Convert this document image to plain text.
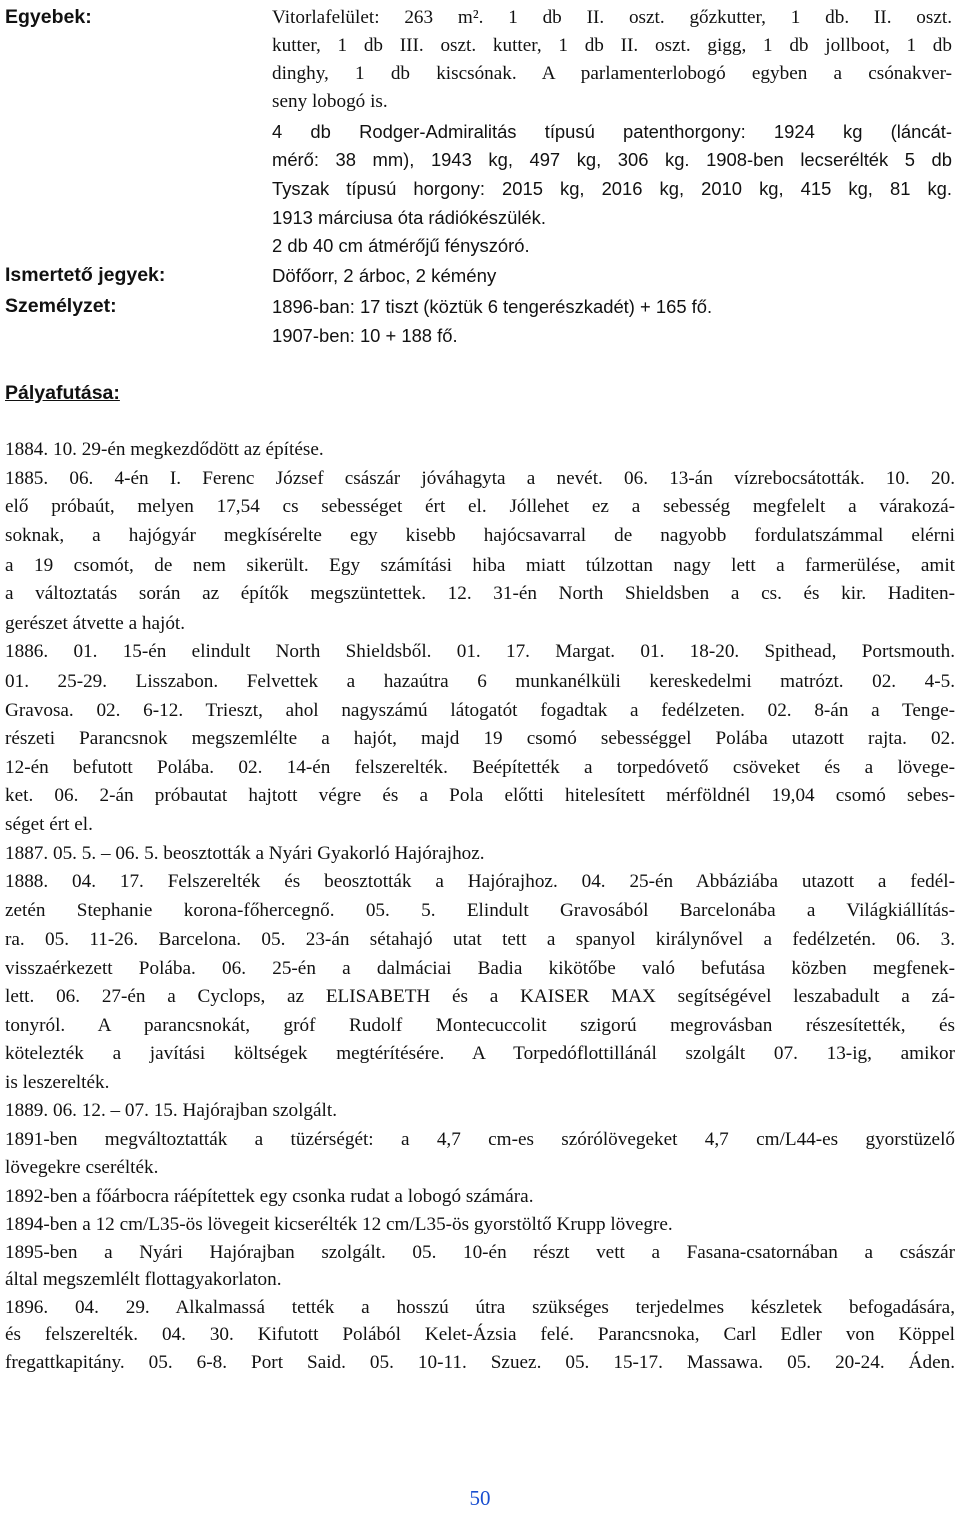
Egyebek:	Vitorlafelület: 263 m². 1 db II. oszt. gőzkutter, 1 db. II. oszt.
kutter, 1 db III. oszt. kutter, 1 db II. oszt. gigg, 1 db jollboot, 1 db
dinghy, 1 db kiscsónak. A parlamenterlobogó egyben a csónakver-
seny lobogó is.
4 db Rodger-Admiralitás típusú patenthorgony: 1924 kg (láncát-
mérő: 38 mm), 1943 kg, 497 kg, 306 kg. 1908-ben lecserélték 5 db
Tyszak típusú horgony: 2015 kg, 2016 kg, 2010 kg, 415 kg, 81 kg.
1913 márciusa óta rádiókészülék.
2 db 40 cm átmérőjű fényszóró.
Ismertető jegyek:	Döfőorr, 2 árboc, 2 kémény
Személyzet:	1896-ban: 17 tiszt (köztük 6 tengerészkadét) + 165 fő.
1907-ben: 10 + 188 fő.
Pályafutása:
1884. 10. 29-én megkezdődött az építése.
1885. 06. 4-én I. Ferenc József császár jóváhagyta a nevét. 06. 13-án vízrebocsátották. 10. 20.
elő próbaút, melyen 17,54 cs sebességet ért el. Jóllehet ez a sebesség megfelelt a várakozá-
soknak, a hajógyár megkísérelte egy kisebb hajócsavarral de nagyobb fordulatszámmal elérni
a 19 csomót, de nem sikerült. Egy számítási hiba miatt túlzottan nagy lett a farmerülése, amit
a változtatás során az építők megszüntettek. 12. 31-én North Shieldsben a cs. és kir. Haditen-
gerészet átvette a hajót.
1886. 01. 15-én elindult North Shieldsből. 01. 17. Margat. 01. 18-20. Spithead, Portsmouth.
01. 25-29. Lisszabon. Felvettek a hazaútra 6 munkanélküli kereskedelmi matrózt. 02. 4-5.
Gravosa. 02. 6-12. Trieszt, ahol nagyszámú látogatót fogadtak a fedélzeten. 02. 8-án a Tenge-
részeti Parancsnok megszemlélte a hajót, majd 19 csomó sebességgel Polába utazott rajta. 02.
12-én befutott Polába. 02. 14-én felszerelték. Beépítették a torpedóvető csöveket és a lövege-
ket. 06. 2-án próbautat hajtott végre és a Pola előtti hitelesített mérföldnél 19,04 csomó sebes-
séget ért el.
1887. 05. 5. – 06. 5. beosztották a Nyári Gyakorló Hajórajhoz.
1888. 04. 17. Felszerelték és beosztották a Hajórajhoz. 04. 25-én Abbáziába utazott a fedél-
zetén Stephanie korona-főhercegnő. 05. 5. Elindult Gravosából Barcelonába a Világkiállítás-
ra. 05. 11-26. Barcelona. 05. 23-án sétahajó utat tett a spanyol királynővel a fedélzetén. 06. 3.
visszaérkezett Polába. 06. 25-én a dalmáciai Badia kikötőbe való befutása közben megfenek-
lett. 06. 27-én a Cyclops, az ELISABETH és a KAISER MAX segítségével leszabadult a zá-
tonyról. A parancsnokát, gróf Rudolf Montecuccolit szigorú megrovásban részesítették, és
kötelezték a javítási költségek megtérítésére. A Torpedóflottillánál szolgált 07. 13-ig, amikor
is leszerelték.
1889. 06. 12. – 07. 15. Hajórajban szolgált.
1891-ben megváltoztatták a tüzérségét: a 4,7 cm-es szórólövegeket 4,7 cm/L44-es gyorstüzelő
lövegekre cserélték.
1892-ben a főárbocra ráépítettek egy csonka rudat a lobogó számára.
1894-ben a 12 cm/L35-ös lövegeit kicserélték 12 cm/L35-ös gyorstöltő Krupp lövegre.
1895-ben a Nyári Hajórajban szolgált. 05. 10-én részt vett a Fasana-csatornában a császár
által megszemlélt flottagyakorlaton.
1896. 04. 29. Alkalmassá tették a hosszú útra szükséges terjedelmes készletek befogadására,
és felszerelték. 04. 30. Kifutott Polából Kelet-Ázsia felé. Parancsnoka, Carl Edler von Köppel
fregattkapitány. 05. 6-8. Port Said. 05. 10-11. Szuez. 05. 15-17. Massawa. 05. 20-24. Áden.
50
